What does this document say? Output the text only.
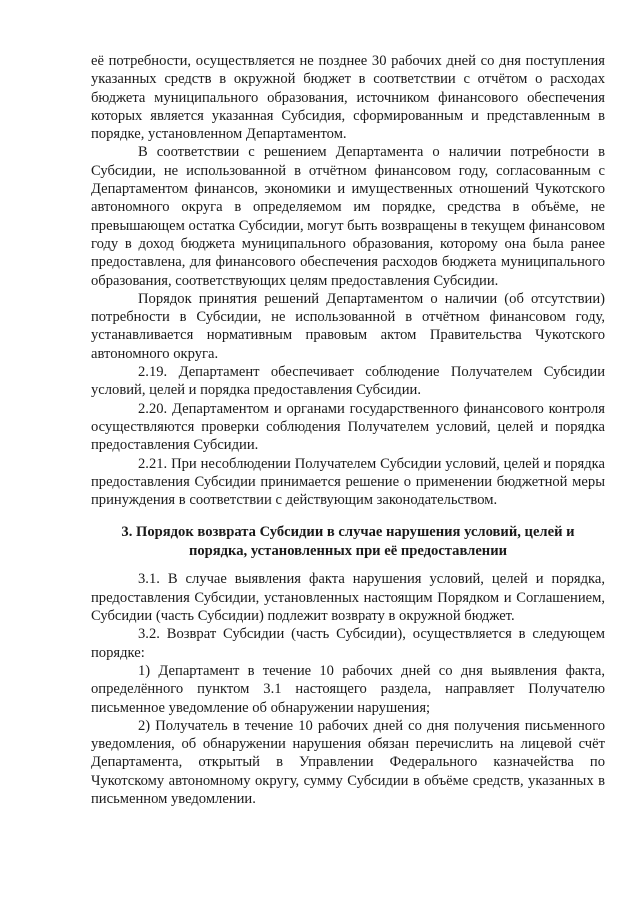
её потребности, осуществляется не позднее 30 рабочих дней со дня поступления указанных средств в окружной бюджет в соответствии с отчётом о расходах бюджета муниципального образования, источником финансового обеспечения которых является указанная Субсидия, сформированным и представленным в порядке, установленном Департаментом.

В соответствии с решением Департамента о наличии потребности в Субсидии, не использованной в отчётном финансовом году, согласованным с Департаментом финансов, экономики и имущественных отношений Чукотского автономного округа в определяемом им порядке, средства в объёме, не превышающем остатка Субсидии, могут быть возвращены в текущем финансовом году в доход бюджета муниципального образования, которому она была ранее предоставлена, для финансового обеспечения расходов бюджета муниципального образования, соответствующих целям предоставления Субсидии.

Порядок принятия решений Департаментом о наличии (об отсутствии) потребности в Субсидии, не использованной в отчётном финансовом году, устанавливается нормативным правовым актом Правительства Чукотского автономного округа.

2.19. Департамент обеспечивает соблюдение Получателем Субсидии условий, целей и порядка предоставления Субсидии.

2.20. Департаментом и органами государственного финансового контроля осуществляются проверки соблюдения Получателем условий, целей и порядка предоставления Субсидии.

2.21. При несоблюдении Получателем Субсидии условий, целей и порядка предоставления Субсидии принимается решение о применении бюджетной меры принуждения в соответствии с действующим законодательством.

3. Порядок возврата Субсидии в случае нарушения условий, целей и порядка, установленных при её предоставлении

3.1. В случае выявления факта нарушения условий, целей и порядка, предоставления Субсидии, установленных настоящим Порядком и Соглашением, Субсидии (часть Субсидии) подлежит возврату в окружной бюджет.

3.2. Возврат Субсидии (часть Субсидии), осуществляется в следующем порядке:

1) Департамент в течение 10 рабочих дней со дня выявления факта, определённого пунктом 3.1 настоящего раздела, направляет Получателю письменное уведомление об обнаружении нарушения;

2) Получатель в течение 10 рабочих дней со дня получения письменного уведомления, об обнаружении нарушения обязан перечислить на лицевой счёт Департамента, открытый в Управлении Федерального казначейства по Чукотскому автономному округу, сумму Субсидии в объёме средств, указанных в письменном уведомлении.
